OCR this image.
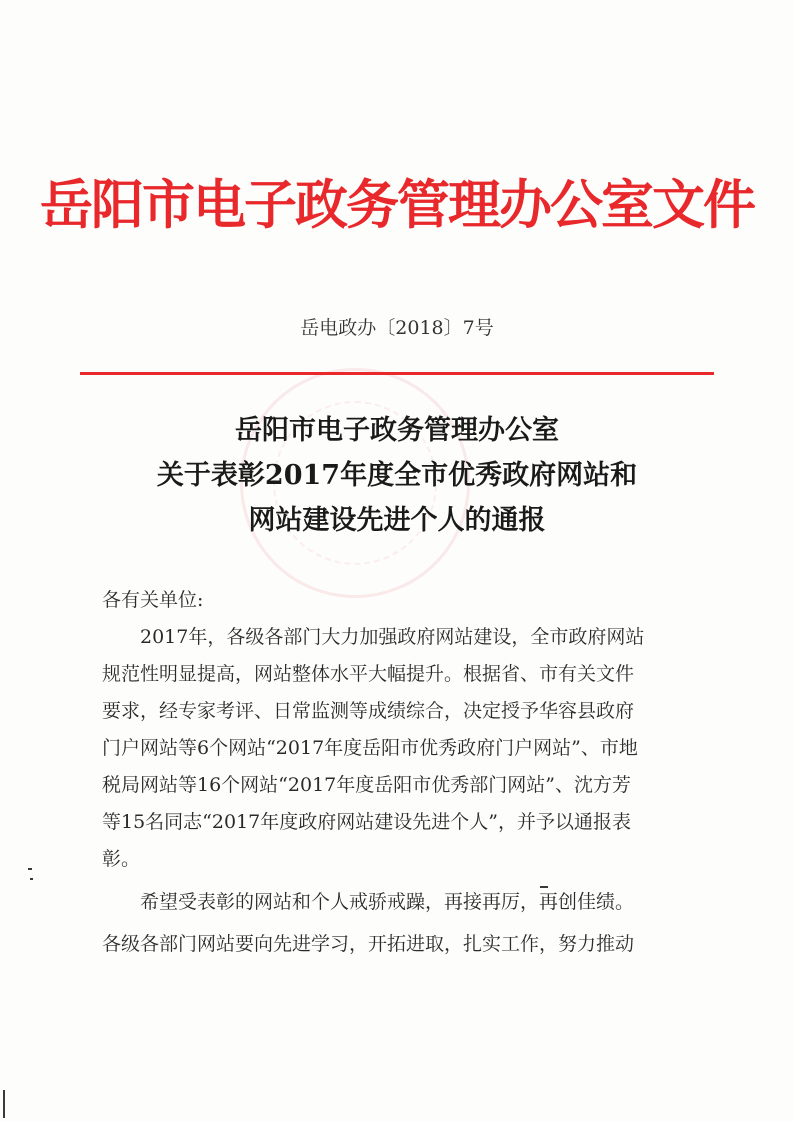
岳阳市电子政务管理办公室文件
岳电政办〔2018〕7号
岳阳市电子政务管理办公室
关于表彰2017年度全市优秀政府网站和
网站建设先进个人的通报
各有关单位:
　　2017年，各级各部门大力加强政府网站建设，全市政府网站
规范性明显提高，网站整体水平大幅提升。根据省、市有关文件
要求，经专家考评、日常监测等成绩综合，决定授予华容县政府
门户网站等6个网站“2017年度岳阳市优秀政府门户网站”、市地
税局网站等16个网站“2017年度岳阳市优秀部门网站”、沈方芳
等15名同志“2017年度政府网站建设先进个人”，并予以通报表
彰。
　　希望受表彰的网站和个人戒骄戒躁，再接再厉，再创佳绩。
各级各部门网站要向先进学习，开拓进取，扎实工作，努力推动
